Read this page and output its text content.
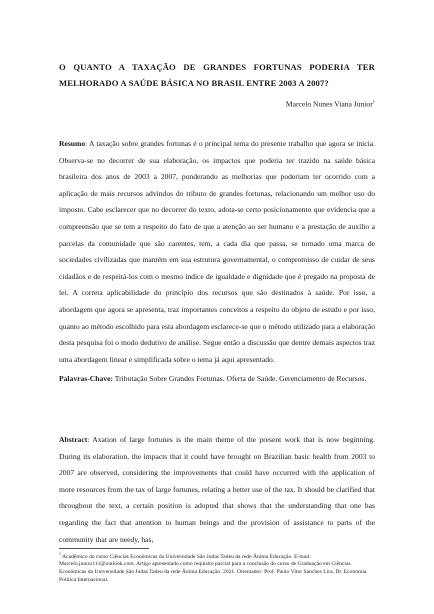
O QUANTO A TAXAÇÃO DE GRANDES FORTUNAS PODERIA TER MELHORADO A SAÚDE BÁSICA NO BRASIL ENTRE 2003 A 2007?
Marcelo Nunes Viana Junior$^1$

Resumo: A taxação sobre grandes fortunas é o principal tema do presente trabalho que agora se inicia. Observa-se no decorrer de sua elaboração, os impactos que poderia ter trazido na saúde básica brasileira dos anos de 2003 a 2007, ponderando as melhorias que poderiam ter ocorrido com a aplicação de mais recursos advindos do tributo de grandes fortunas, relacionando um melhor uso do imposto. Cabe esclarecer que no decorrer do texto, adota-se certo posicionamento que evidencia que a compreensão que se tem a respeito do fato de que a atenção ao ser humano e a prestação de auxílio a parcelas da comunidade que são carentes, tem, a cada dia que passa, se tornado uma marca de sociedades civilizadas que mantém em sua estrutura governamental, o compromisso de cuidar de seus cidadãos e de respeitá-los com o mesmo índice de igualdade e dignidade que é pregado na proposta de lei. A correta aplicabilidade do princípio dos recursos que são destinados à saúde. Por isso, a abordagem que agora se apresenta, traz importantes conceitos a respeito do objeto de estudo e por isso, quanto ao método escolhido para esta abordagem esclarece-se que o método utilizado para a elaboração desta pesquisa foi o modo dedutivo de análise. Segue então a discussão que dentre demais aspectos traz uma abordagem linear e simplificada sobre o tema já aqui apresentado.

Palavras-Chave: Tributação Sobre Grandes Fortunas. Oferta de Saúde. Gerenciamento de Recursos.

Abstract: Axation of large fortunes is the main theme of the present work that is now beginning. During its elaboration, the impacts that it could have brought on Brazilian basic health from 2003 to 2007 are observed, considering the improvements that could have occurred with the application of more resources from the tax of large fortunes, relating a better use of the tax. It should be clarified that throughout the text, a certain position is adopted that shows that the understanding that one has regarding the fact that attention to human beings and the provision of assistance to parts of the community that are needy, has,

$^1$ Acadêmico do curso Ciências Econômicas da Universidade São Judas Tadeu da rede Ânima Educação. E-mail: Marcelo.junior111@outlook.com. Artigo apresentado como requisito parcial para a conclusão do curso de Graduação em Ciências Econômicas da Universidade São Judas Tadeu da rede Ânima Educação. 2021. Orientador: Prof. Paulo Vitor Sanches Lira, Dr. Economia Política Internacional.
